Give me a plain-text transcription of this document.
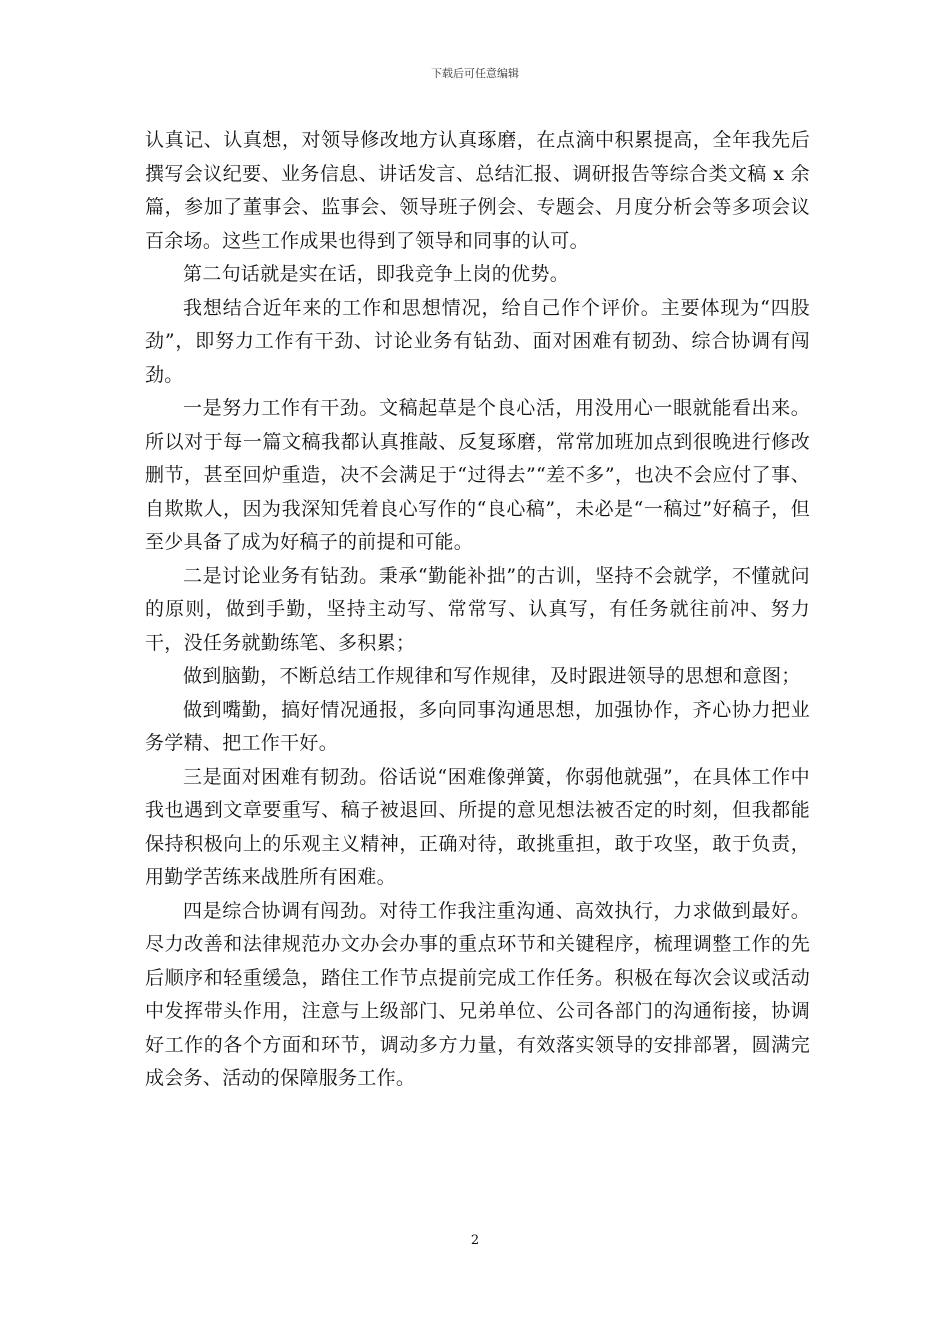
下载后可任意编辑

认真记、认真想，对领导修改地方认真琢磨，在点滴中积累提高，全年我先后撰写会议纪要、业务信息、讲话发言、总结汇报、调研报告等综合类文稿 x 余篇，参加了董事会、监事会、领导班子例会、专题会、月度分析会等多项会议百余场。这些工作成果也得到了领导和同事的认可。

第二句话就是实在话，即我竞争上岗的优势。

我想结合近年来的工作和思想情况，给自己作个评价。主要体现为“四股劲”，即努力工作有干劲、讨论业务有钻劲、面对困难有韧劲、综合协调有闯劲。

一是努力工作有干劲。文稿起草是个良心活，用没用心一眼就能看出来。所以对于每一篇文稿我都认真推敲、反复琢磨，常常加班加点到很晚进行修改删节，甚至回炉重造，决不会满足于“过得去”“差不多”，也决不会应付了事、自欺欺人，因为我深知凭着良心写作的“良心稿”，未必是“一稿过”好稿子，但至少具备了成为好稿子的前提和可能。

二是讨论业务有钻劲。秉承“勤能补拙”的古训，坚持不会就学，不懂就问的原则，做到手勤，坚持主动写、常常写、认真写，有任务就往前冲、努力干，没任务就勤练笔、多积累；

做到脑勤，不断总结工作规律和写作规律，及时跟进领导的思想和意图；

做到嘴勤，搞好情况通报，多向同事沟通思想，加强协作，齐心协力把业务学精、把工作干好。

三是面对困难有韧劲。俗话说“困难像弹簧，你弱他就强”，在具体工作中我也遇到文章要重写、稿子被退回、所提的意见想法被否定的时刻，但我都能保持积极向上的乐观主义精神，正确对待，敢挑重担，敢于攻坚，敢于负责，用勤学苦练来战胜所有困难。

四是综合协调有闯劲。对待工作我注重沟通、高效执行，力求做到最好。尽力改善和法律规范办文办会办事的重点环节和关键程序，梳理调整工作的先后顺序和轻重缓急，踏住工作节点提前完成工作任务。积极在每次会议或活动中发挥带头作用，注意与上级部门、兄弟单位、公司各部门的沟通衔接，协调好工作的各个方面和环节，调动多方力量，有效落实领导的安排部署，圆满完成会务、活动的保障服务工作。

2
